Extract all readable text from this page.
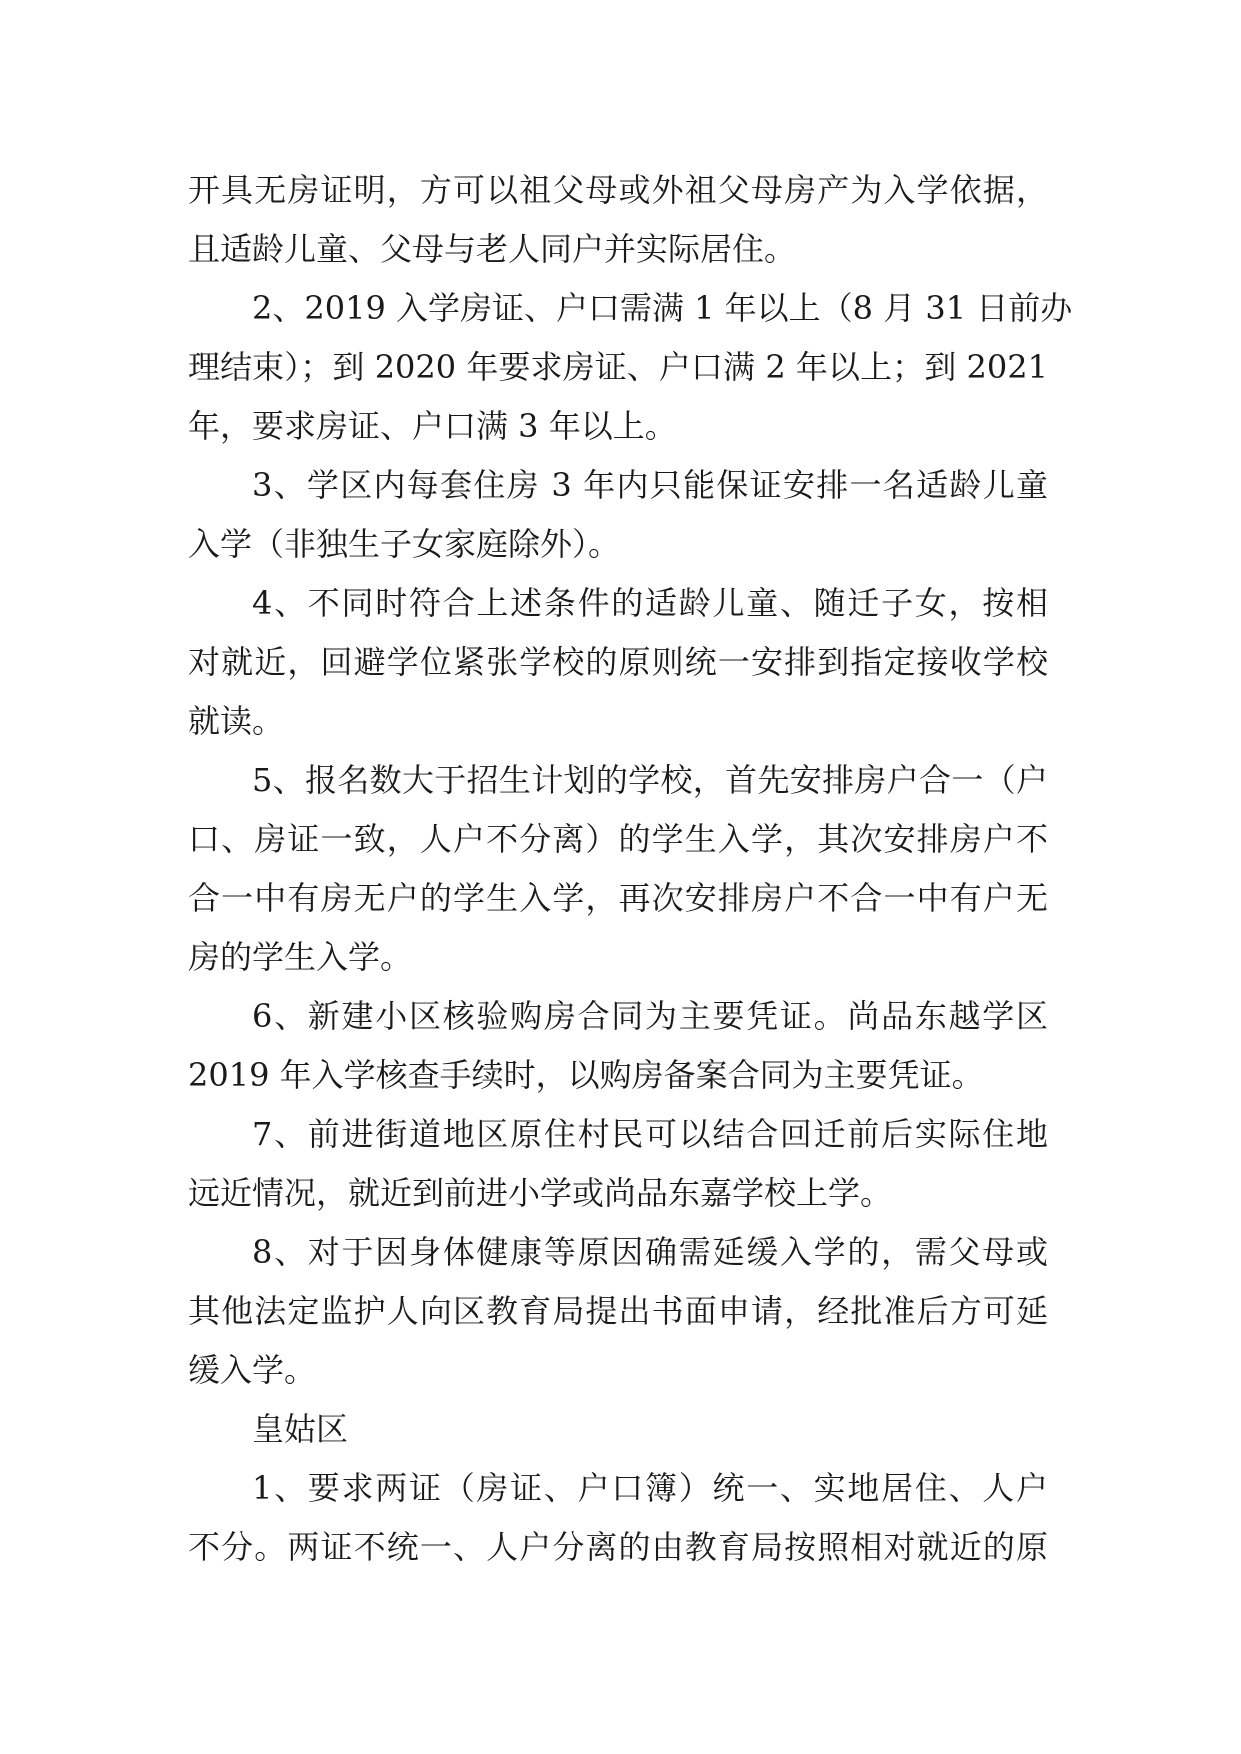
开具无房证明，方可以祖父母或外祖父母房产为入学依据，
且适龄儿童、父母与老人同户并实际居住。
2、2019 入学房证、户口需满 1 年以上（8 月 31 日前办
理结束）；到 2020 年要求房证、户口满 2 年以上；到 2021
年，要求房证、户口满 3 年以上。
3、学区内每套住房 3 年内只能保证安排一名适龄儿童
入学（非独生子女家庭除外）。
4、不同时符合上述条件的适龄儿童、随迁子女，按相
对就近，回避学位紧张学校的原则统一安排到指定接收学校
就读。
5、报名数大于招生计划的学校，首先安排房户合一（户
口、房证一致，人户不分离）的学生入学，其次安排房户不
合一中有房无户的学生入学，再次安排房户不合一中有户无
房的学生入学。
6、新建小区核验购房合同为主要凭证。尚品东越学区
2019 年入学核查手续时，以购房备案合同为主要凭证。
7、前进街道地区原住村民可以结合回迁前后实际住地
远近情况，就近到前进小学或尚品东嘉学校上学。
8、对于因身体健康等原因确需延缓入学的，需父母或
其他法定监护人向区教育局提出书面申请，经批准后方可延
缓入学。
皇姑区
1、要求两证（房证、户口簿）统一、实地居住、人户
不分。两证不统一、人户分离的由教育局按照相对就近的原
